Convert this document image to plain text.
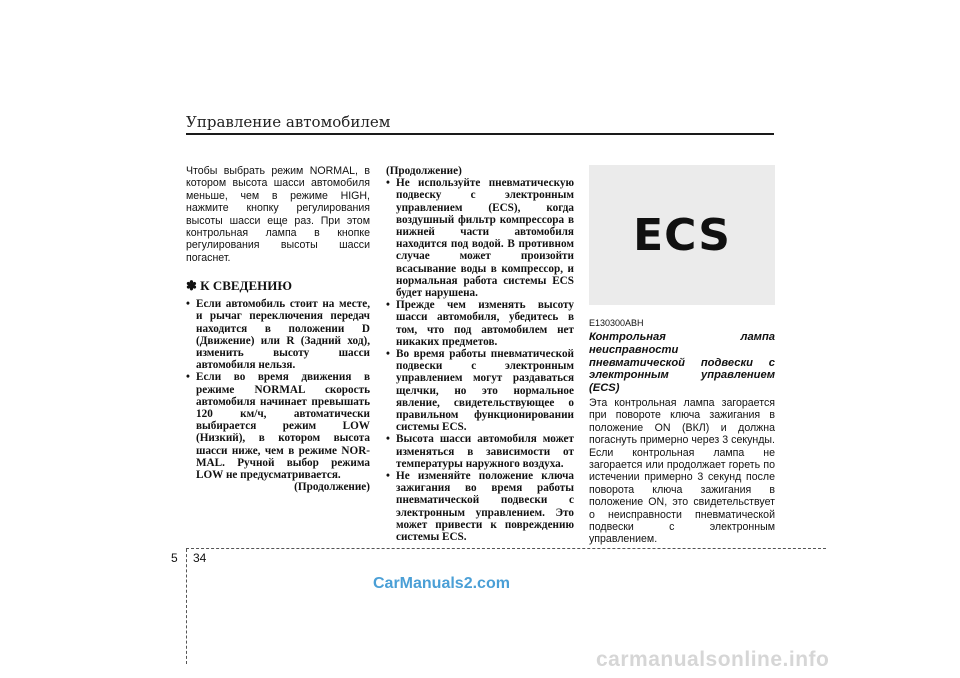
Управление автомобилем
Чтобы выбрать режим NORMAL, в котором высота шасси автомобиля меньше, чем в режиме HIGH, нажмите кнопку регулирования высоты шасси еще раз. При этом контрольная лампа в кнопке регулирования высоты шасси погаснет.
✽ К СВЕДЕНИЮ
• Если автомобиль стоит на месте, и рычаг переключения передач находится в положении D (Движение) или R (Задний ход), изменить высоту шасси автомобиля нельзя.
• Если во время движения в режиме NORMAL скорость автомобиля начинает превышать 120 км/ч, автоматически выбирается режим LOW (Низкий), в котором высота шасси ниже, чем в режиме NOR-MAL. Ручной выбор режима LOW не предусматривается.
(Продолжение)
(Продолжение)
• Не используйте пневматическую подвеску с электронным управлением (ECS), когда воздушный фильтр компрессора в нижней части автомобиля находится под водой. В противном случае может произойти всасывание воды в компрессор, и нормальная работа системы ECS будет нарушена.
• Прежде чем изменять высоту шасси автомобиля, убедитесь в том, что под автомобилем нет никаких предметов.
• Во время работы пневматической подвески с электронным управлением могут раздаваться щелчки, но это нормальное явление, свидетельствующее о правильном функционировании системы ECS.
• Высота шасси автомобиля может изменяться в зависимости от температуры наружного воздуха.
• Не изменяйте положение ключа зажигания во время работы пневматической подвески с электронным управлением. Это может привести к повреждению системы ECS.
ECS
E130300ABH
Контрольная лампа неисправности пневматической подвески с электронным управлением (ECS)
Эта контрольная лампа загорается при повороте ключа зажигания в положение ON (ВКЛ) и должна погаснуть примерно через 3 секунды. Если контрольная лампа не загорается или продолжает гореть по истечении примерно 3 секунд после поворота ключа зажигания в положение ON, это свидетельствует о неисправности пневматической подвески с электронным управлением.
5 34
CarManuals2.com
carmanualsonline.info
